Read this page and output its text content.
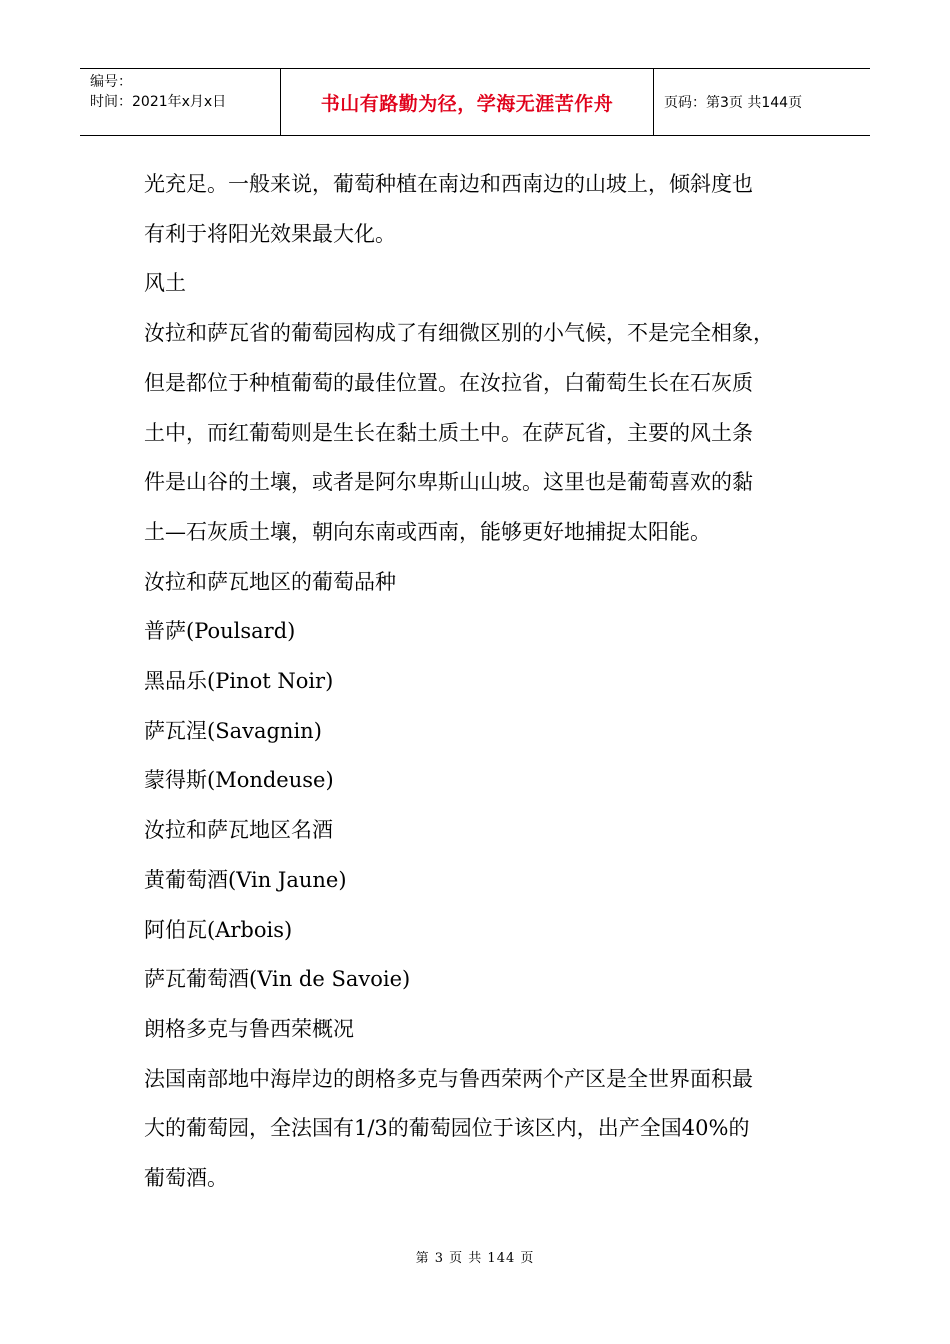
编号：
时间：2021年x月x日	书山有路勤为径，学海无涯苦作舟	页码：第3页 共144页
光充足。一般来说，葡萄种植在南边和西南边的山坡上，倾斜度也
有利于将阳光效果最大化。
风土
汝拉和萨瓦省的葡萄园构成了有细微区别的小气候，不是完全相象，
但是都位于种植葡萄的最佳位置。在汝拉省，白葡萄生长在石灰质
土中，而红葡萄则是生长在黏土质土中。在萨瓦省，主要的风土条
件是山谷的土壤，或者是阿尔卑斯山山坡。这里也是葡萄喜欢的黏
土—石灰质土壤，朝向东南或西南，能够更好地捕捉太阳能。
汝拉和萨瓦地区的葡萄品种
普萨(Poulsard)
黑品乐(Pinot Noir)
萨瓦涅(Savagnin)
蒙得斯(Mondeuse)
汝拉和萨瓦地区名酒
黄葡萄酒(Vin Jaune)
阿伯瓦(Arbois)
萨瓦葡萄酒(Vin de Savoie)
朗格多克与鲁西荣概况
法国南部地中海岸边的朗格多克与鲁西荣两个产区是全世界面积最
大的葡萄园，全法国有1/3的葡萄园位于该区内，出产全国40%的
葡萄酒。
第 3 页 共 144 页
